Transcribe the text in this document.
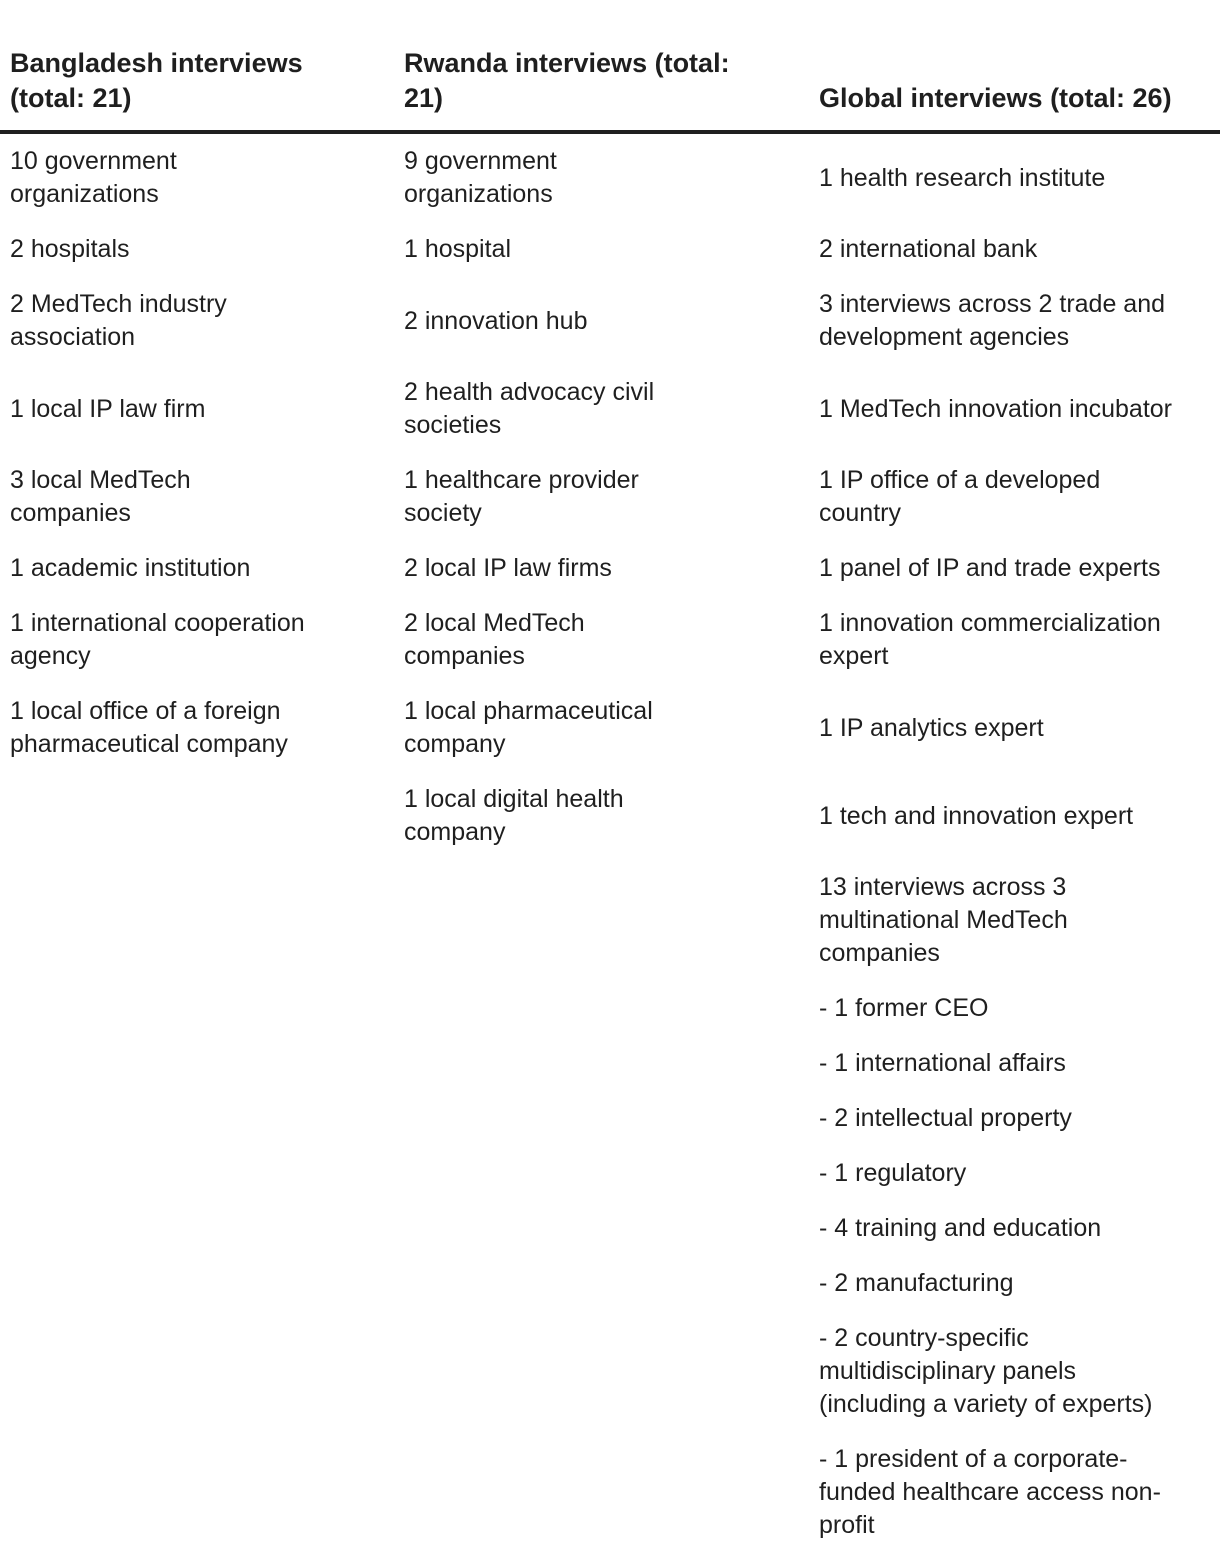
Bangladesh interviews (total: 21)	Rwanda interviews (total: 21)	Global interviews (total: 26)
10 government organizations	9 government organizations	1 health research institute
2 hospitals	1 hospital	2 international bank
2 MedTech industry association	2 innovation hub	3 interviews across 2 trade and development agencies
1 local IP law firm	2 health advocacy civil societies	1 MedTech innovation incubator
3 local MedTech companies	1 healthcare provider society	1 IP office of a developed country
1 academic institution	2 local IP law firms	1 panel of IP and trade experts
1 international cooperation agency	2 local MedTech companies	1 innovation commercialization expert
1 local office of a foreign pharmaceutical company	1 local pharmaceutical company	1 IP analytics expert
	1 local digital health company	1 tech and innovation expert
		13 interviews across 3 multinational MedTech companies
		- 1 former CEO
		- 1 international affairs
		- 2 intellectual property
		- 1 regulatory
		- 4 training and education
		- 2 manufacturing
		- 2 country-specific multidisciplinary panels (including a variety of experts)
		- 1 president of a corporate-funded healthcare access non-profit
